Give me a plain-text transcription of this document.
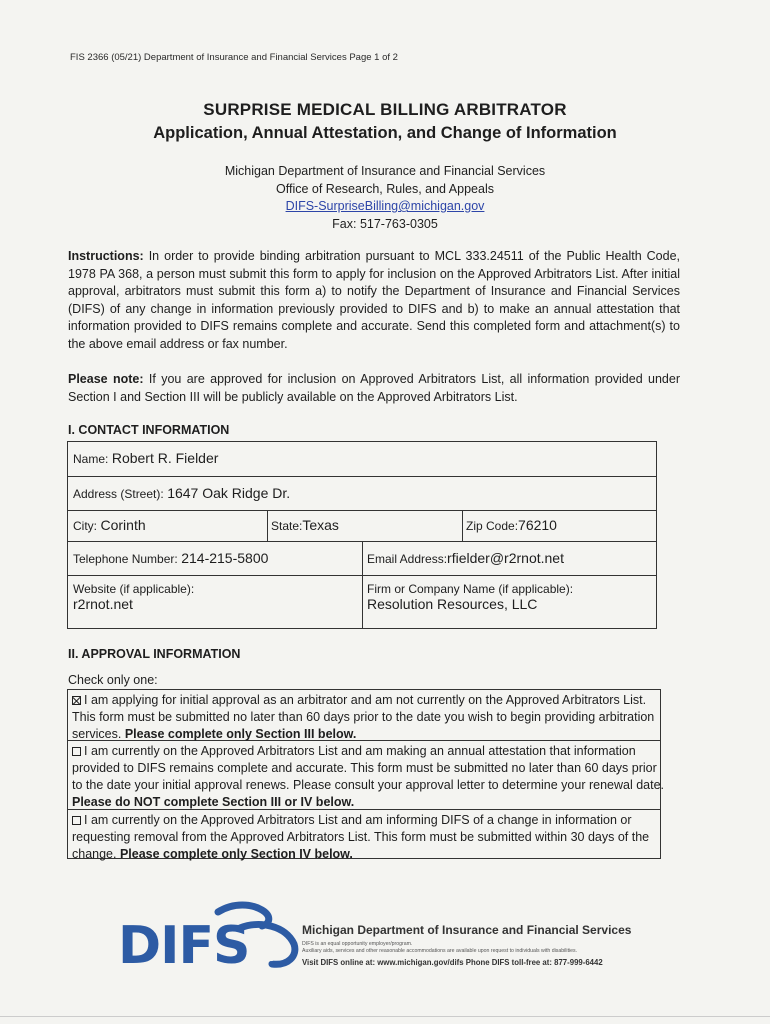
FIS 2366 (05/21) Department of Insurance and Financial Services Page 1 of 2
SURPRISE MEDICAL BILLING ARBITRATOR
Application, Annual Attestation, and Change of Information
Michigan Department of Insurance and Financial Services
Office of Research, Rules, and Appeals
DIFS-SurpriseBilling@michigan.gov
Fax: 517-763-0305
Instructions: In order to provide binding arbitration pursuant to MCL 333.24511 of the Public Health Code, 1978 PA 368, a person must submit this form to apply for inclusion on the Approved Arbitrators List. After initial approval, arbitrators must submit this form a) to notify the Department of Insurance and Financial Services (DIFS) of any change in information previously provided to DIFS and b) to make an annual attestation that information provided to DIFS remains complete and accurate. Send this completed form and attachment(s) to the above email address or fax number.
Please note: If you are approved for inclusion on Approved Arbitrators List, all information provided under Section I and Section III will be publicly available on the Approved Arbitrators List.
I. CONTACT INFORMATION
Name: Robert R. Fielder
Address (Street): 1647 Oak Ridge Dr.
City: Corinth	State:Texas	Zip Code:76210
Telephone Number: 214-215-5800	Email Address:rfielder@r2rnot.net
Website (if applicable):
r2rnot.net
Firm or Company Name (if applicable):
Resolution Resources, LLC
II. APPROVAL INFORMATION
Check only one:
I am applying for initial approval as an arbitrator and am not currently on the Approved Arbitrators List. This form must be submitted no later than 60 days prior to the date you wish to begin providing arbitration services. Please complete only Section III below.
I am currently on the Approved Arbitrators List and am making an annual attestation that information provided to DIFS remains complete and accurate. This form must be submitted no later than 60 days prior to the date your initial approval renews. Please consult your approval letter to determine your renewal date. Please do NOT complete Section III or IV below.
I am currently on the Approved Arbitrators List and am informing DIFS of a change in information or requesting removal from the Approved Arbitrators List. This form must be submitted within 30 days of the change. Please complete only Section IV below.
DIFS	Michigan Department of Insurance and Financial Services
DIFS is an equal opportunity employer/program.
Auxiliary aids, services and other reasonable accommodations are available upon request to individuals with disabilities.
Visit DIFS online at: www.michigan.gov/difs Phone DIFS toll-free at: 877-999-6442
